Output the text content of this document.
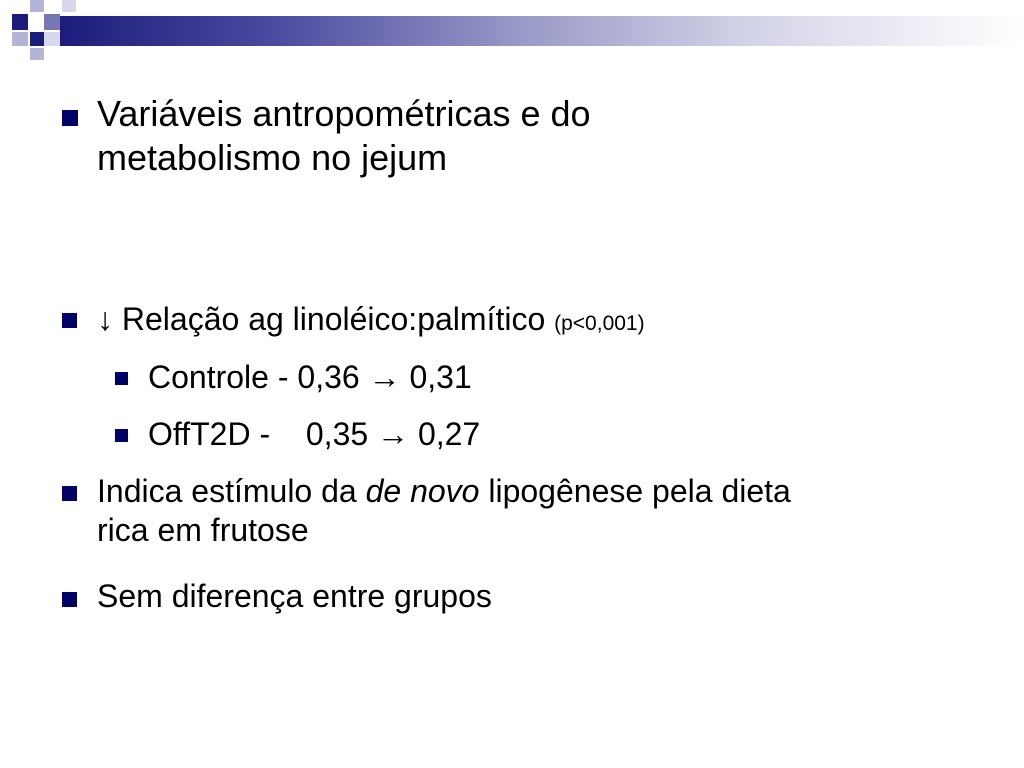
Variáveis antropométricas e do
metabolismo no jejum
↓ Relação ag linoléico:palmítico (p<0,001)
Controle - 0,36 → 0,31
OffT2D - 0,35 → 0,27
Indica estímulo da de novo lipogênese pela dieta
rica em frutose
Sem diferença entre grupos
